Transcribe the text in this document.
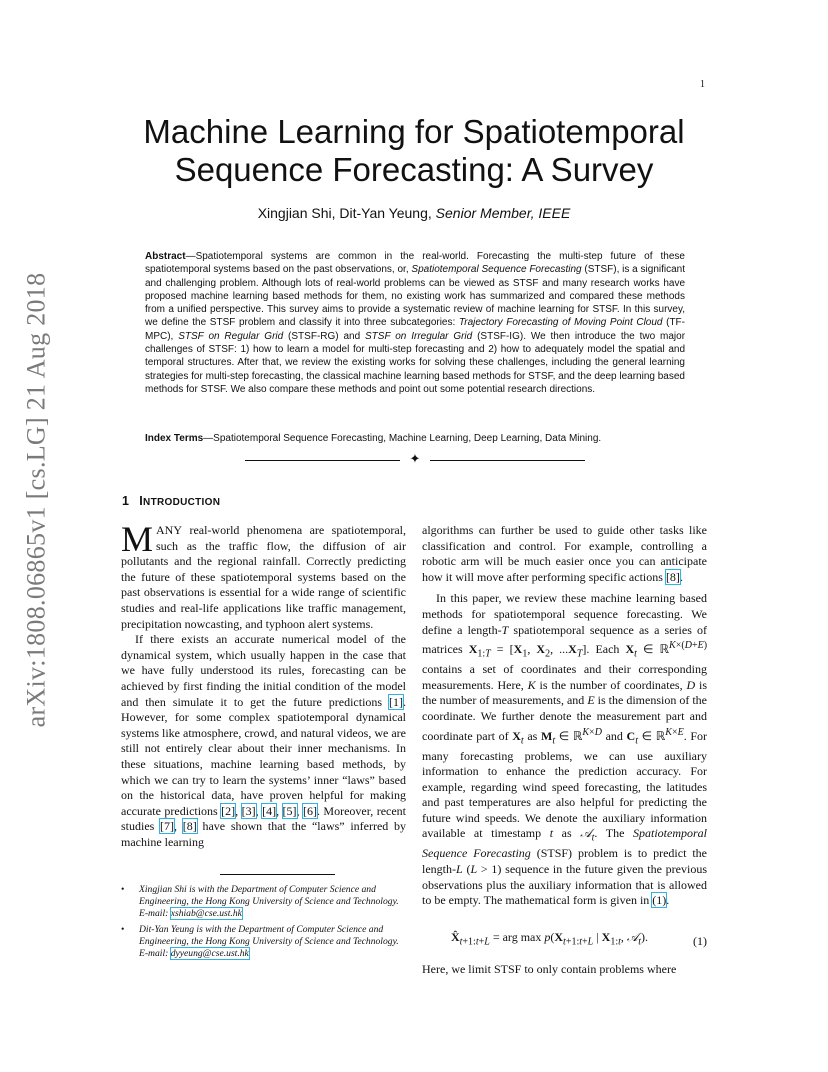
1
arXiv:1808.06865v1 [cs.LG] 21 Aug 2018
Machine Learning for Spatiotemporal Sequence Forecasting: A Survey
Xingjian Shi, Dit-Yan Yeung, Senior Member, IEEE
Abstract—Spatiotemporal systems are common in the real-world. Forecasting the multi-step future of these spatiotemporal systems based on the past observations, or, Spatiotemporal Sequence Forecasting (STSF), is a significant and challenging problem. Although lots of real-world problems can be viewed as STSF and many research works have proposed machine learning based methods for them, no existing work has summarized and compared these methods from a unified perspective. This survey aims to provide a systematic review of machine learning for STSF. In this survey, we define the STSF problem and classify it into three subcategories: Trajectory Forecasting of Moving Point Cloud (TF-MPC), STSF on Regular Grid (STSF-RG) and STSF on Irregular Grid (STSF-IG). We then introduce the two major challenges of STSF: 1) how to learn a model for multi-step forecasting and 2) how to adequately model the spatial and temporal structures. After that, we review the existing works for solving these challenges, including the general learning strategies for multi-step forecasting, the classical machine learning based methods for STSF, and the deep learning based methods for STSF. We also compare these methods and point out some potential research directions.
Index Terms—Spatiotemporal Sequence Forecasting, Machine Learning, Deep Learning, Data Mining.
✦
1 INTRODUCTION

MANY real-world phenomena are spatiotemporal, such as the traffic flow, the diffusion of air pollutants and the regional rainfall. Correctly predicting the future of these spatiotemporal systems based on the past observations is essential for a wide range of scientific studies and real-life applications like traffic management, precipitation nowcasting, and typhoon alert systems.

If there exists an accurate numerical model of the dynamical system, which usually happen in the case that we have fully understood its rules, forecasting can be achieved by first finding the initial condition of the model and then simulate it to get the future predictions [1]. However, for some complex spatiotemporal dynamical systems like atmosphere, crowd, and natural videos, we are still not entirely clear about their inner mechanisms. In these situations, machine learning based methods, by which we can try to learn the systems’ inner “laws” based on the historical data, have proven helpful for making accurate predictions [2], [3], [4], [5], [6]. Moreover, recent studies [7], [8] have shown that the “laws” inferred by machine learning

• Xingjian Shi is with the Department of Computer Science and Engineering, the Hong Kong University of Science and Technology. E-mail: xshiab@cse.ust.hk
• Dit-Yan Yeung is with the Department of Computer Science and Engineering, the Hong Kong University of Science and Technology. E-mail: dyyeung@cse.ust.hk

algorithms can further be used to guide other tasks like classification and control. For example, controlling a robotic arm will be much easier once you can anticipate how it will move after performing specific actions [8].

In this paper, we review these machine learning based methods for spatiotemporal sequence forecasting. We define a length-T spatiotemporal sequence as a series of matrices $X_{1:T} = [X_1$, $X_2$, $...X_T$]. Each $X_t$ ∈ ℝ$^{K\times(D+E)}$ contains a set of coordinates and their corresponding measurements. Here, K is the number of coordinates, D is the number of measurements, and E is the dimension of the coordinate. We further denote the measurement part and coordinate part of $X_t$ as $M_t$ ∈ ℝ$^{K\times D}$ and $C_t$ ∈ ℝ$^{K\times E}$. For many forecasting problems, we can use auxiliary information to enhance the prediction accuracy. For example, regarding wind speed forecasting, the latitudes and past temperatures are also helpful for predicting the future wind speeds. We denote the auxiliary information available at timestamp t as 𝒜$_t$. The Spatiotemporal Sequence Forecasting (STSF) problem is to predict the length-L (L > 1) sequence in the future given the previous observations plus the auxiliary information that is allowed to be empty. The mathematical form is given in (1).

$X̂_{t+1:t+L}$ = arg $\max p(X_{t+1:t+L}$ | $X_{1:t}$, 𝒜$_t$).	(1)
Here, we limit STSF to only contain problems where
